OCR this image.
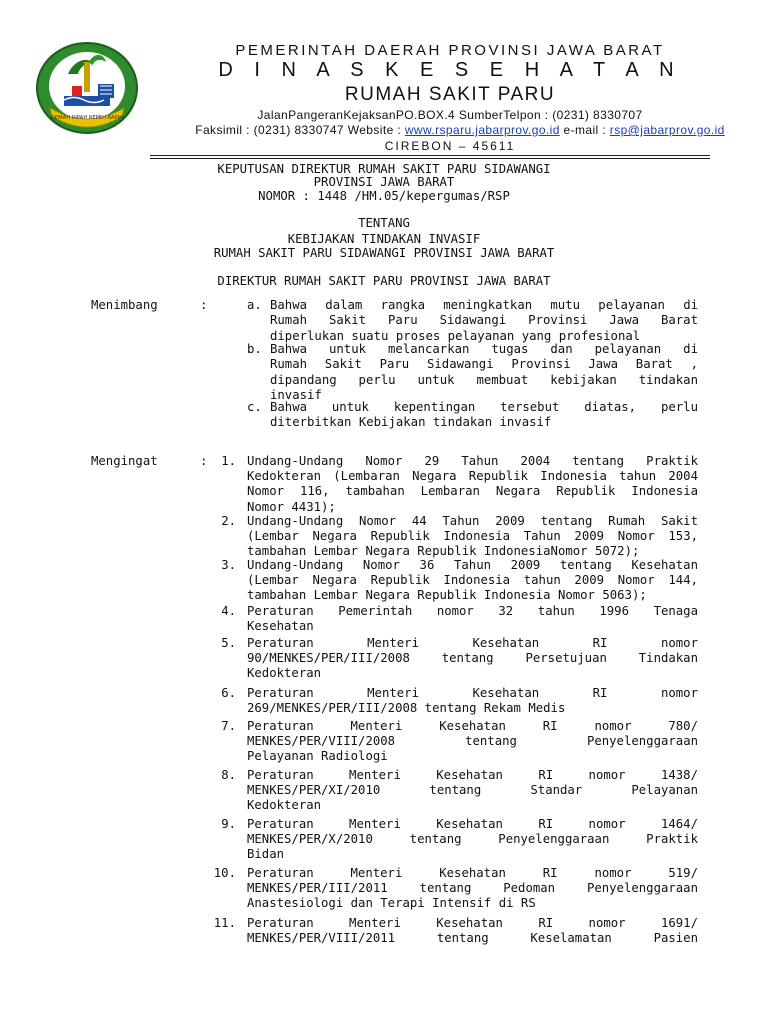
GEMAH RIPAH REPEH RAPIH
PEMERINTAH DAERAH PROVINSI JAWA BARAT
D I N A S K E S E H A T A N
RUMAH SAKIT PARU
JalanPangeranKejaksanPO.BOX.4 SumberTelpon : (0231) 8330707
Faksimil : (0231) 8330747 Website : www.rsparu.jabarprov.go.id e-mail : rsp@jabarprov.go.id
CIREBON – 45611
KEPUTUSAN DIREKTUR RUMAH SAKIT PARU SIDAWANGI
PROVINSI JAWA BARAT
NOMOR : 1448 /HM.05/kepergumas/RSP
TENTANG
KEBIJAKAN TINDAKAN INVASIF
RUMAH SAKIT PARU SIDAWANGI PROVINSI JAWA BARAT
DIREKTUR RUMAH SAKIT PARU PROVINSI JAWA BARAT
Menimbang	:	a. Bahwa dalam rangka meningkatkan mutu pelayanan di
Rumah Sakit Paru Sidawangi Provinsi Jawa Barat
diperlukan suatu proses pelayanan yang profesional
b. Bahwa untuk melancarkan tugas dan pelayanan di
Rumah Sakit Paru Sidawangi Provinsi Jawa Barat ,
dipandang perlu untuk membuat kebijakan tindakan
invasif
c. Bahwa untuk kepentingan tersebut diatas, perlu
diterbitkan Kebijakan tindakan invasif
Mengingat	:	1. Undang-Undang Nomor 29 Tahun 2004 tentang Praktik
Kedokteran (Lembaran Negara Republik Indonesia tahun 2004
Nomor 116, tambahan Lembaran Negara Republik Indonesia
Nomor 4431);
2. Undang-Undang Nomor 44 Tahun 2009 tentang Rumah Sakit
(Lembar Negara Republik Indonesia Tahun 2009 Nomor 153,
tambahan Lembar Negara Republik IndonesiaNomor 5072);
3. Undang-Undang Nomor 36 Tahun 2009 tentang Kesehatan
(Lembar Negara Republik Indonesia tahun 2009 Nomor 144,
tambahan Lembar Negara Republik Indonesia Nomor 5063);
4. Peraturan Pemerintah nomor 32 tahun 1996 Tenaga
Kesehatan
5. Peraturan Menteri Kesehatan RI nomor
90/MENKES/PER/III/2008 tentang Persetujuan Tindakan
Kedokteran
6. Peraturan Menteri Kesehatan RI nomor
269/MENKES/PER/III/2008 tentang Rekam Medis
7. Peraturan Menteri Kesehatan RI nomor 780/
MENKES/PER/VIII/2008 tentang Penyelenggaraan
Pelayanan Radiologi
8. Peraturan Menteri Kesehatan RI nomor 1438/
MENKES/PER/XI/2010 tentang Standar Pelayanan
Kedokteran
9. Peraturan Menteri Kesehatan RI nomor 1464/
MENKES/PER/X/2010 tentang Penyelenggaraan Praktik
Bidan
10. Peraturan Menteri Kesehatan RI nomor 519/
MENKES/PER/III/2011 tentang Pedoman Penyelenggaraan
Anastesiologi dan Terapi Intensif di RS
11. Peraturan Menteri Kesehatan RI nomor 1691/
MENKES/PER/VIII/2011 tentang Keselamatan Pasien
